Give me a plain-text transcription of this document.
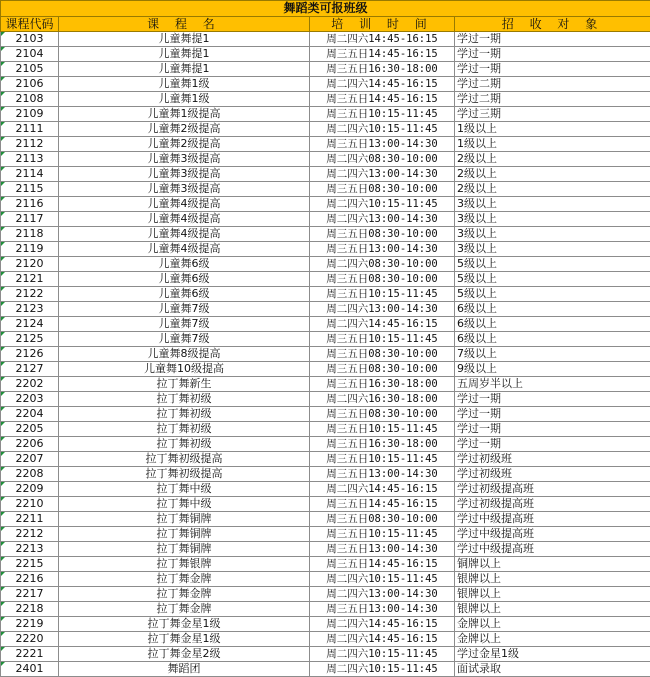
舞蹈类可报班级			
课程代码	课 程 名	培 训 时 间	招 收 对 象
2103	儿童舞提1	周二四六14:45-16:15	学过一期
2104	儿童舞提1	周三五日14:45-16:15	学过一期
2105	儿童舞提1	周三五日16:30-18:00	学过一期
2106	儿童舞1级	周二四六14:45-16:15	学过二期
2108	儿童舞1级	周三五日14:45-16:15	学过二期
2109	儿童舞1级提高	周三五日10:15-11:45	学过三期
2111	儿童舞2级提高	周二四六10:15-11:45	1级以上
2112	儿童舞2级提高	周三五日13:00-14:30	1级以上
2113	儿童舞3级提高	周二四六08:30-10:00	2级以上
2114	儿童舞3级提高	周二四六13:00-14:30	2级以上
2115	儿童舞3级提高	周三五日08:30-10:00	2级以上
2116	儿童舞4级提高	周二四六10:15-11:45	3级以上
2117	儿童舞4级提高	周二四六13:00-14:30	3级以上
2118	儿童舞4级提高	周三五日08:30-10:00	3级以上
2119	儿童舞4级提高	周三五日13:00-14:30	3级以上
2120	儿童舞6级	周二四六08:30-10:00	5级以上
2121	儿童舞6级	周三五日08:30-10:00	5级以上
2122	儿童舞6级	周三五日10:15-11:45	5级以上
2123	儿童舞7级	周二四六13:00-14:30	6级以上
2124	儿童舞7级	周二四六14:45-16:15	6级以上
2125	儿童舞7级	周三五日10:15-11:45	6级以上
2126	儿童舞8级提高	周三五日08:30-10:00	7级以上
2127	儿童舞10级提高	周三五日08:30-10:00	9级以上
2202	拉丁舞新生	周三五日16:30-18:00	五周岁半以上
2203	拉丁舞初级	周二四六16:30-18:00	学过一期
2204	拉丁舞初级	周三五日08:30-10:00	学过一期
2205	拉丁舞初级	周三五日10:15-11:45	学过一期
2206	拉丁舞初级	周三五日16:30-18:00	学过一期
2207	拉丁舞初级提高	周三五日10:15-11:45	学过初级班
2208	拉丁舞初级提高	周三五日13:00-14:30	学过初级班
2209	拉丁舞中级	周二四六14:45-16:15	学过初级提高班
2210	拉丁舞中级	周三五日14:45-16:15	学过初级提高班
2211	拉丁舞铜牌	周三五日08:30-10:00	学过中级提高班
2212	拉丁舞铜牌	周三五日10:15-11:45	学过中级提高班
2213	拉丁舞铜牌	周三五日13:00-14:30	学过中级提高班
2215	拉丁舞银牌	周三五日14:45-16:15	铜牌以上
2216	拉丁舞金牌	周二四六10:15-11:45	银牌以上
2217	拉丁舞金牌	周二四六13:00-14:30	银牌以上
2218	拉丁舞金牌	周三五日13:00-14:30	银牌以上
2219	拉丁舞金星1级	周二四六14:45-16:15	金牌以上
2220	拉丁舞金星1级	周二四六14:45-16:15	金牌以上
2221	拉丁舞金星2级	周二四六10:15-11:45	学过金星1级
2401	舞蹈团	周二四六10:15-11:45	面试录取
